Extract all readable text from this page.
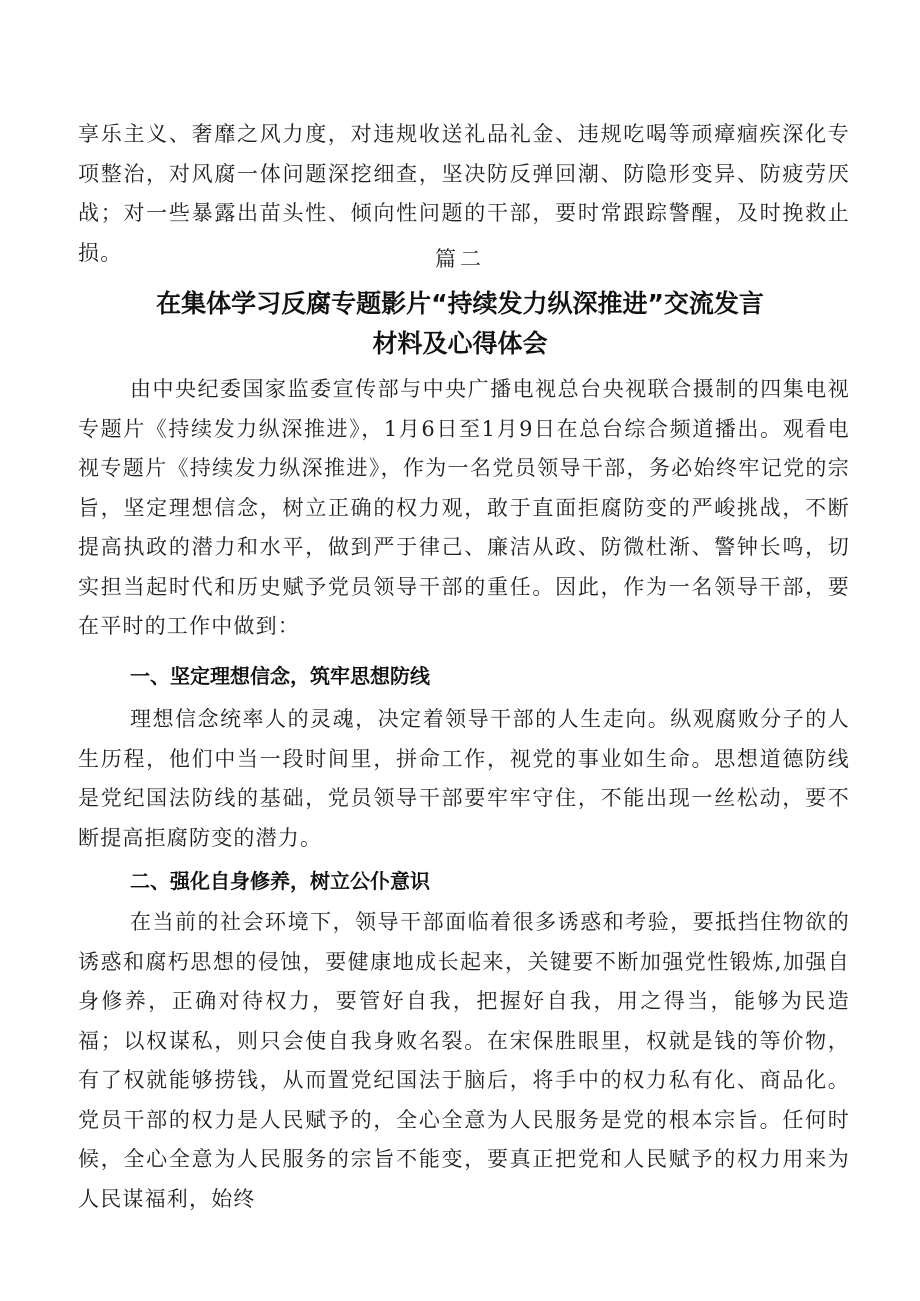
享乐主义、奢靡之风力度，对违规收送礼品礼金、违规吃喝等顽瘴痼疾深化专项整治，对风腐一体问题深挖细查，坚决防反弹回潮、防隐形变异、防疲劳厌战；对一些暴露出苗头性、倾向性问题的干部，要时常跟踪警醒，及时挽救止损。	篇二

在集体学习反腐专题影片“持续发力纵深推进”交流发言

材料及心得体会

由中央纪委国家监委宣传部与中央广播电视总台央视联合摄制的四集电视专题片《持续发力纵深推进》，1月6日至1月9日在总台综合频道播出。观看电视专题片《持续发力纵深推进》，作为一名党员领导干部，务必始终牢记党的宗旨，坚定理想信念，树立正确的权力观，敢于直面拒腐防变的严峻挑战，不断提高执政的潜力和水平，做到严于律己、廉洁从政、防微杜渐、警钟长鸣，切实担当起时代和历史赋予党员领导干部的重任。因此，作为一名领导干部，要在平时的工作中做到：

一、坚定理想信念，筑牢思想防线

理想信念统率人的灵魂，决定着领导干部的人生走向。纵观腐败分子的人生历程，他们中当一段时间里，拼命工作，视党的事业如生命。思想道德防线是党纪国法防线的基础，党员领导干部要牢牢守住，不能出现一丝松动，要不断提高拒腐防变的潜力。

二、强化自身修养，树立公仆意识

在当前的社会环境下，领导干部面临着很多诱惑和考验，要抵挡住物欲的诱惑和腐朽思想的侵蚀，要健康地成长起来，关键要不断加强党性锻炼,加强自身修养，正确对待权力，要管好自我，把握好自我，用之得当，能够为民造福；以权谋私，则只会使自我身败名裂。在宋保胜眼里，权就是钱的等价物，有了权就能够捞钱，从而置党纪国法于脑后，将手中的权力私有化、商品化。党员干部的权力是人民赋予的，全心全意为人民服务是党的根本宗旨。任何时候，全心全意为人民服务的宗旨不能变，要真正把党和人民赋予的权力用来为人民谋福利，始终
